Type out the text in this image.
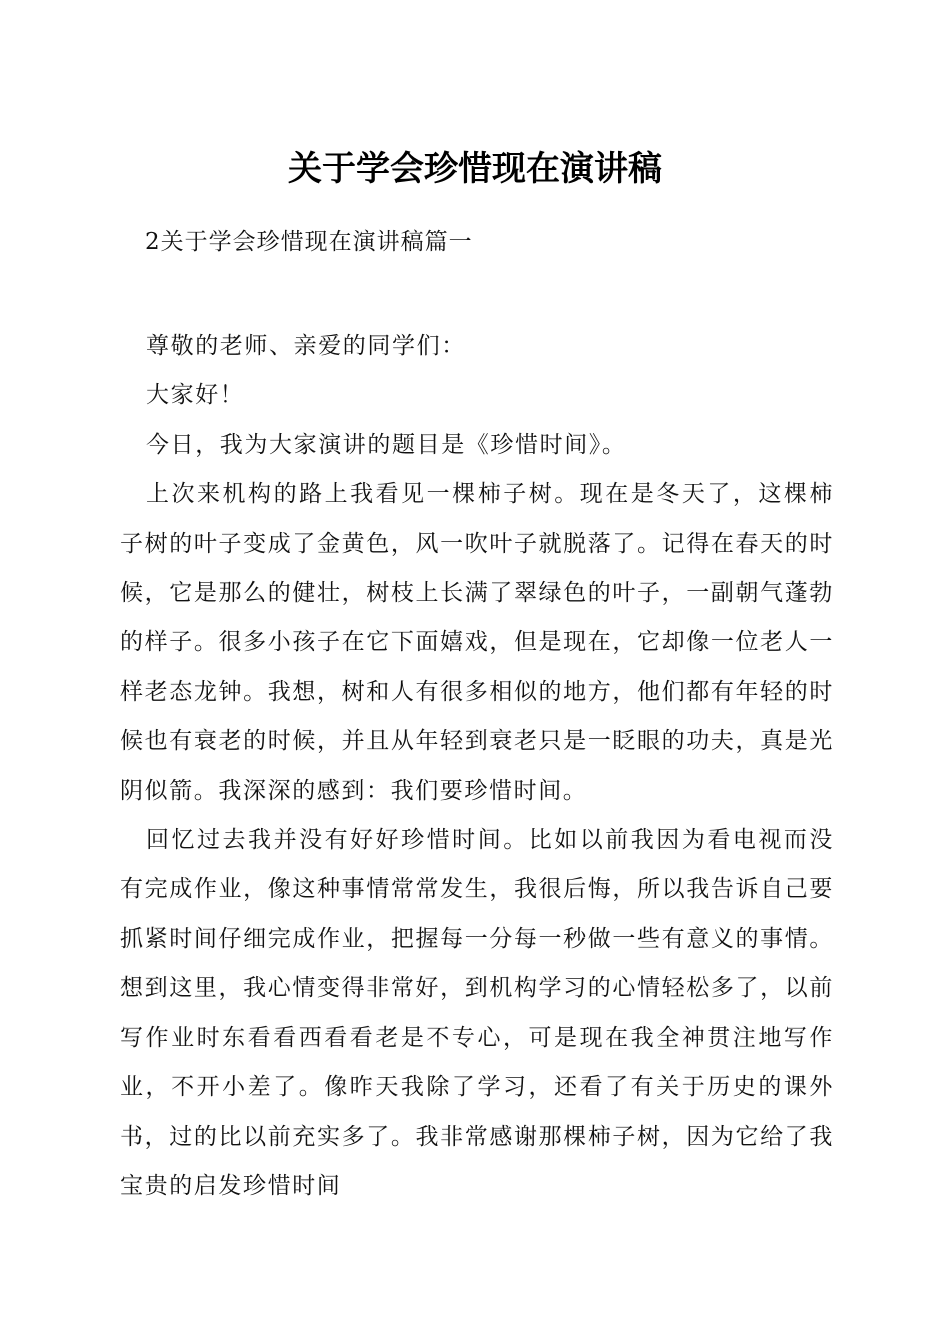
关于学会珍惜现在演讲稿
2关于学会珍惜现在演讲稿篇一

尊敬的老师、亲爱的同学们：

大家好！

今日，我为大家演讲的题目是《珍惜时间》。

上次来机构的路上我看见一棵柿子树。现在是冬天了，这棵柿子树的叶子变成了金黄色，风一吹叶子就脱落了。记得在春天的时候，它是那么的健壮，树枝上长满了翠绿色的叶子，一副朝气蓬勃的样子。很多小孩子在它下面嬉戏，但是现在，它却像一位老人一样老态龙钟。我想，树和人有很多相似的地方，他们都有年轻的时候也有衰老的时候，并且从年轻到衰老只是一眨眼的功夫，真是光阴似箭。我深深的感到：我们要珍惜时间。

回忆过去我并没有好好珍惜时间。比如以前我因为看电视而没有完成作业，像这种事情常常发生，我很后悔，所以我告诉自己要抓紧时间仔细完成作业，把握每一分每一秒做一些有意义的事情。想到这里，我心情变得非常好，到机构学习的心情轻松多了，以前写作业时东看看西看看老是不专心，可是现在我全神贯注地写作业，不开小差了。像昨天我除了学习，还看了有关于历史的课外书，过的比以前充实多了。我非常感谢那棵柿子树，因为它给了我宝贵的启发珍惜时间
